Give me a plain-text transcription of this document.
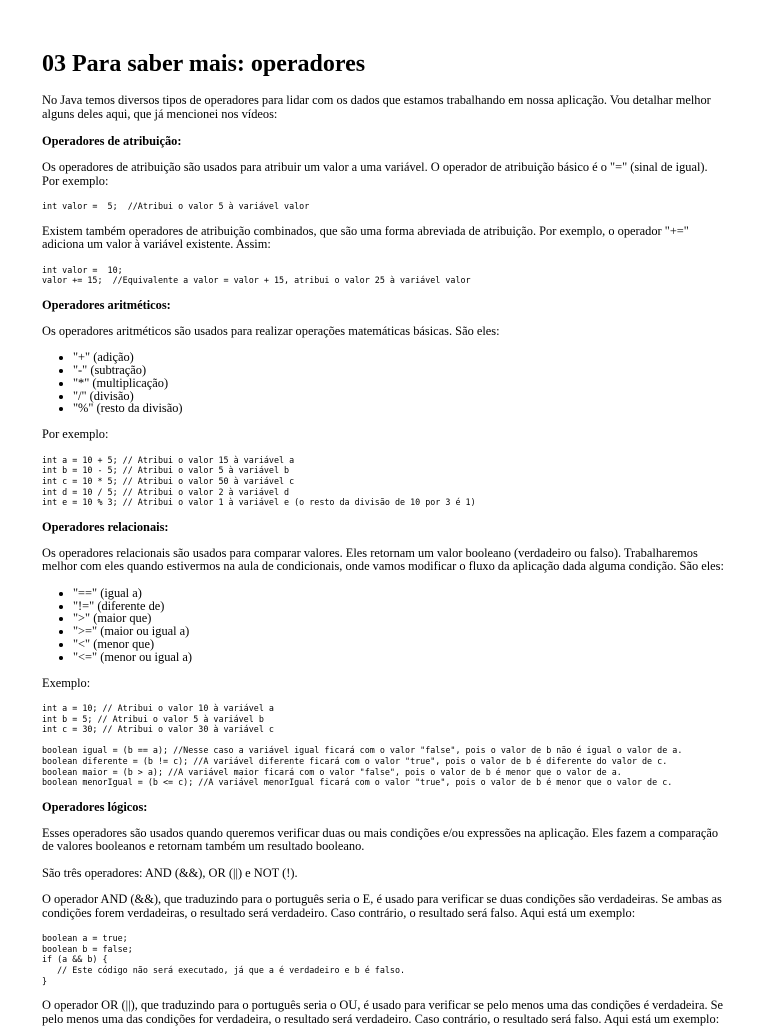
03 Para saber mais: operadores

No Java temos diversos tipos de operadores para lidar com os dados que estamos trabalhando em nossa aplicação. Vou detalhar melhor alguns deles aqui, que já mencionei nos vídeos:

Operadores de atribuição:

Os operadores de atribuição são usados para atribuir um valor a uma variável. O operador de atribuição básico é o "=" (sinal de igual). Por exemplo:

int valor =  5;  //Atribui o valor 5 à variável valor

Existem também operadores de atribuição combinados, que são uma forma abreviada de atribuição. Por exemplo, o operador "+=" adiciona um valor à variável existente. Assim:

int valor =  10;
valor += 15;  //Equivalente a valor = valor + 15, atribui o valor 25 à variável valor

Operadores aritméticos:

Os operadores aritméticos são usados para realizar operações matemáticas básicas. São eles:

• "+" (adição)
• "-" (subtração)
• "*" (multiplicação)
• "/" (divisão)
• "%" (resto da divisão)

Por exemplo:

int a = 10 + 5; // Atribui o valor 15 à variável a
int b = 10 - 5; // Atribui o valor 5 à variável b
int c = 10 * 5; // Atribui o valor 50 à variável c
int d = 10 / 5; // Atribui o valor 2 à variável d
int e = 10 % 3; // Atribui o valor 1 à variável e (o resto da divisão de 10 por 3 é 1)

Operadores relacionais:

Os operadores relacionais são usados para comparar valores. Eles retornam um valor booleano (verdadeiro ou falso). Trabalharemos melhor com eles quando estivermos na aula de condicionais, onde vamos modificar o fluxo da aplicação dada alguma condição. São eles:

• "==" (igual a)
• "!=" (diferente de)
• ">" (maior que)
• ">=" (maior ou igual a)
• "<" (menor que)
• "<=" (menor ou igual a)

Exemplo:

int a = 10; // Atribui o valor 10 à variável a
int b = 5; // Atribui o valor 5 à variável b
int c = 30; // Atribui o valor 30 à variável c

boolean igual = (b == a); //Nesse caso a variável igual ficará com o valor "false", pois o valor de b não é igual o valor de a.
boolean diferente = (b != c); //A variável diferente ficará com o valor "true", pois o valor de b é diferente do valor de c.
boolean maior = (b > a); //A variável maior ficará com o valor "false", pois o valor de b é menor que o valor de a.
boolean menorIgual = (b <= c); //A variável menorIgual ficará com o valor "true", pois o valor de b é menor que o valor de c.

Operadores lógicos:

Esses operadores são usados quando queremos verificar duas ou mais condições e/ou expressões na aplicação. Eles fazem a comparação de valores booleanos e retornam também um resultado booleano.

São três operadores: AND (&&), OR (||) e NOT (!).

O operador AND (&&), que traduzindo para o português seria o E, é usado para verificar se duas condições são verdadeiras. Se ambas as condições forem verdadeiras, o resultado será verdadeiro. Caso contrário, o resultado será falso. Aqui está um exemplo:

boolean a = true;
boolean b = false;
if (a && b) {
// Este código não será executado, já que a é verdadeiro e b é falso.
}

O operador OR (||), que traduzindo para o português seria o OU, é usado para verificar se pelo menos uma das condições é verdadeira. Se pelo menos uma das condições for verdadeira, o resultado será verdadeiro. Caso contrário, o resultado será falso. Aqui está um exemplo:
